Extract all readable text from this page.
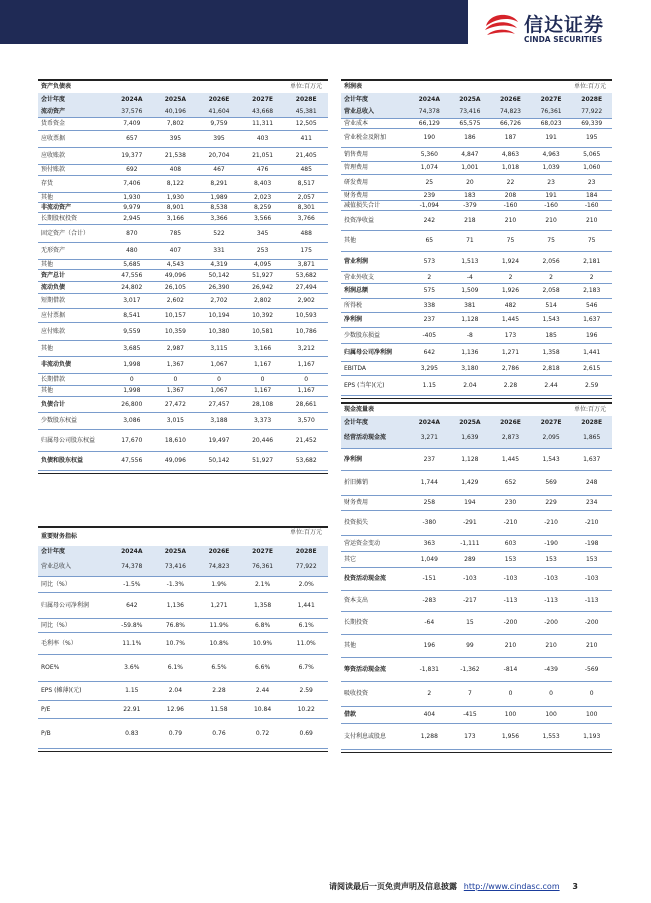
信达证券
CINDA SECURITIES
资产负债表	单位:百万元
会计年度	2024A	2025A	2026E	2027E	2028E
流动资产	37,576	40,196	41,604	43,668	45,381
货币资金	7,409	7,802	9,759	11,311	12,505
应收票据	657	395	395	403	411
应收账款	19,377	21,538	20,704	21,051	21,405
预付账款	692	408	467	476	485
存货	7,406	8,122	8,291	8,403	8,517
其他	1,930	1,930	1,989	2,023	2,057
非流动资产	9,979	8,901	8,538	8,259	8,301
长期股权投资	2,945	3,166	3,366	3,566	3,766
固定资产（合计）	870	785	522	345	488
无形资产	480	407	331	253	175
其他	5,685	4,543	4,319	4,095	3,871
资产总计	47,556	49,096	50,142	51,927	53,682
流动负债	24,802	26,105	26,390	26,942	27,494
短期借款	3,017	2,602	2,702	2,802	2,902
应付票据	8,541	10,157	10,194	10,392	10,593
应付账款	9,559	10,359	10,380	10,581	10,786
其他	3,685	2,987	3,115	3,166	3,212
非流动负债	1,998	1,367	1,067	1,167	1,167
长期借款	0	0	0	0	0
其他	1,998	1,367	1,067	1,167	1,167
负债合计	26,800	27,472	27,457	28,108	28,661
少数股东权益	3,086	3,015	3,188	3,373	3,570
归属母公司股东权益	17,670	18,610	19,497	20,446	21,452
负债和股东权益	47,556	49,096	50,142	51,927	53,682
利润表	单位:百万元
会计年度	2024A	2025A	2026E	2027E	2028E
营业总收入	74,378	73,416	74,823	76,361	77,922
营业成本	66,129	65,575	66,726	68,023	69,339
营业税金及附加	190	186	187	191	195
销售费用	5,360	4,847	4,863	4,963	5,065
管理费用	1,074	1,001	1,018	1,039	1,060
研发费用	25	20	22	23	23
财务费用	239	183	208	191	184
减值损失合计	-1,094	-379	-160	-160	-160
投资净收益	242	218	210	210	210
其他	65	71	75	75	75
营业利润	573	1,513	1,924	2,056	2,181
营业外收支	2	-4	2	2	2
利润总额	575	1,509	1,926	2,058	2,183
所得税	338	381	482	514	546
净利润	237	1,128	1,445	1,543	1,637
少数股东损益	-405	-8	173	185	196
归属母公司净利润	642	1,136	1,271	1,358	1,441
EBITDA	3,295	3,180	2,786	2,818	2,615
EPS (当年)(元)	1.15	2.04	2.28	2.44	2.59
重要财务指标
单位:百万元
会计年度	2024A	2025A	2026E	2027E	2028E
营业总收入	74,378	73,416	74,823	76,361	77,922
同比（%）	-1.5%	-1.3%	1.9%	2.1%	2.0%
归属母公司净利润	642	1,136	1,271	1,358	1,441
同比（%）	-59.8%	76.8%	11.9%	6.8%	6.1%
毛利率（%）	11.1%	10.7%	10.8%	10.9%	11.0%
ROE%	3.6%	6.1%	6.5%	6.6%	6.7%
EPS (摊薄)(元)	1.15	2.04	2.28	2.44	2.59
P/E	22.91	12.96	11.58	10.84	10.22
P/B	0.83	0.79	0.76	0.72	0.69
现金流量表	单位:百万元
会计年度	2024A	2025A	2026E	2027E	2028E
经营活动现金流	3,271	1,639	2,873	2,095	1,865
净利润	237	1,128	1,445	1,543	1,637
折旧摊销	1,744	1,429	652	569	248
财务费用	258	194	230	229	234
投资损失	-380	-291	-210	-210	-210
营运资金变动	363	-1,111	603	-190	-198
其它	1,049	289	153	153	153
投资活动现金流	-151	-103	-103	-103	-103
资本支出	-283	-217	-113	-113	-113
长期投资	-64	15	-200	-200	-200
其他	196	99	210	210	210
筹资活动现金流	-1,831	-1,362	-814	-439	-569
吸收投资	2	7	0	0	0
借款	404	-415	100	100	100
支付利息或股息	1,288	173	1,956	1,553	1,193
请阅读最后一页免责声明及信息披露 http://www.cindasc.com 3
